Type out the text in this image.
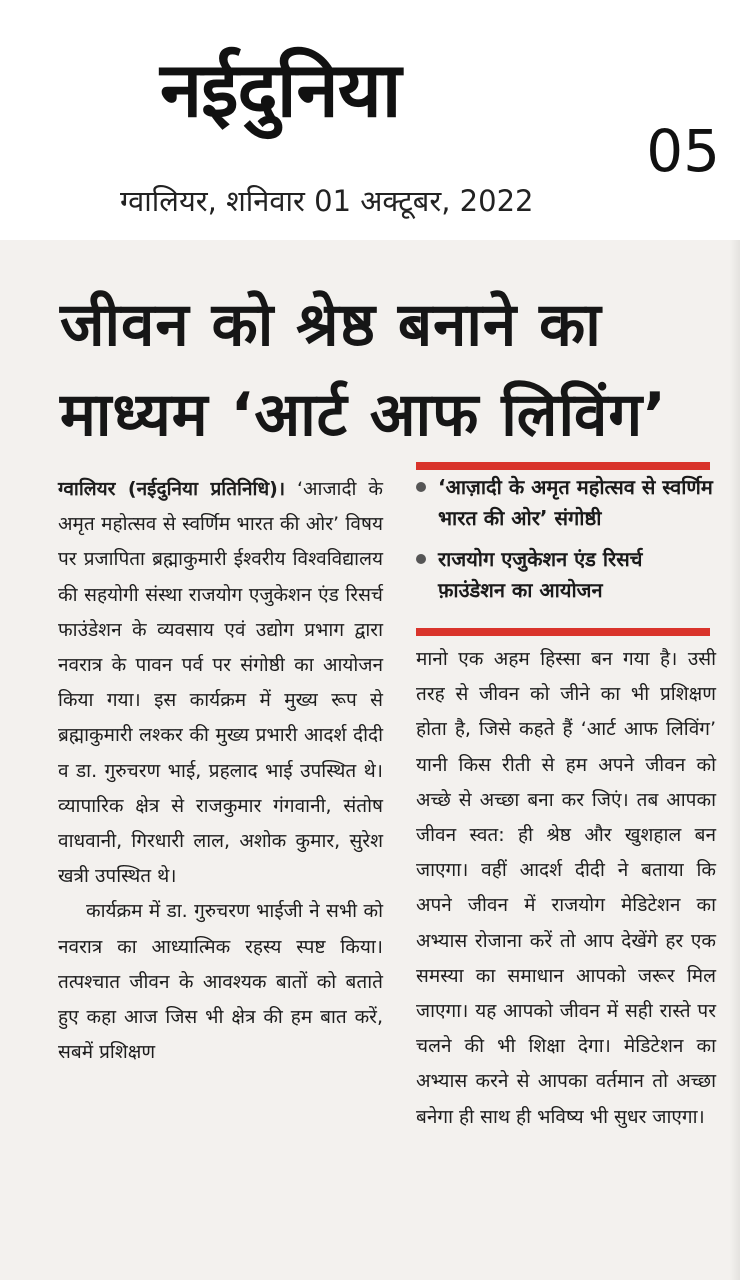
नईदुनिया
05
ग्वालियर, शनिवार 01 अक्टूबर, 2022
जीवन को श्रेष्ठ बनाने का
माध्यम ‘आर्ट आफ लिविंग’

ग्वालियर (नईदुनिया प्रतिनिधि)। ‘आजादी के अमृत महोत्सव से स्वर्णिम भारत की ओर’ विषय पर प्रजापिता ब्रह्माकुमारी ईश्वरीय विश्वविद्यालय की सहयोगी संस्था राजयोग एजुकेशन एंड रिसर्च फाउंडेशन के व्यवसाय एवं उद्योग प्रभाग द्वारा नवरात्र के पावन पर्व पर संगोष्ठी का आयोजन किया गया। इस कार्यक्रम में मुख्य रूप से ब्रह्माकुमारी लश्कर की मुख्य प्रभारी आदर्श दीदी व डा. गुरुचरण भाई, प्रहलाद भाई उपस्थित थे। व्यापारिक क्षेत्र से राजकुमार गंगवानी, संतोष वाधवानी, गिरधारी लाल, अशोक कुमार, सुरेश खत्री उपस्थित थे।

कार्यक्रम में डा. गुरुचरण भाईजी ने सभी को नवरात्र का आध्यात्मिक रहस्य स्पष्ट किया। तत्पश्चात जीवन के आवश्यक बातों को बताते हुए कहा आज जिस भी क्षेत्र की हम बात करें, सबमें प्रशिक्षण

‘आज़ादी के अमृत महोत्सव से स्वर्णिम भारत की ओर’ संगोष्ठी
राजयोग एजुकेशन एंड रिसर्च फ़ाउंडेशन का आयोजन

मानो एक अहम हिस्सा बन गया है। उसी तरह से जीवन को जीने का भी प्रशिक्षण होता है, जिसे कहते हैं ‘आर्ट आफ लिविंग’ यानी किस रीती से हम अपने जीवन को अच्छे से अच्छा बना कर जिएं। तब आपका जीवन स्वत: ही श्रेष्ठ और खुशहाल बन जाएगा। वहीं आदर्श दीदी ने बताया कि अपने जीवन में राजयोग मेडिटेशन का अभ्यास रोजाना करें तो आप देखेंगे हर एक समस्या का समाधान आपको जरूर मिल जाएगा। यह आपको जीवन में सही रास्ते पर चलने की भी शिक्षा देगा। मेडिटेशन का अभ्यास करने से आपका वर्तमान तो अच्छा बनेगा ही साथ ही भविष्य भी सुधर जाएगा।
